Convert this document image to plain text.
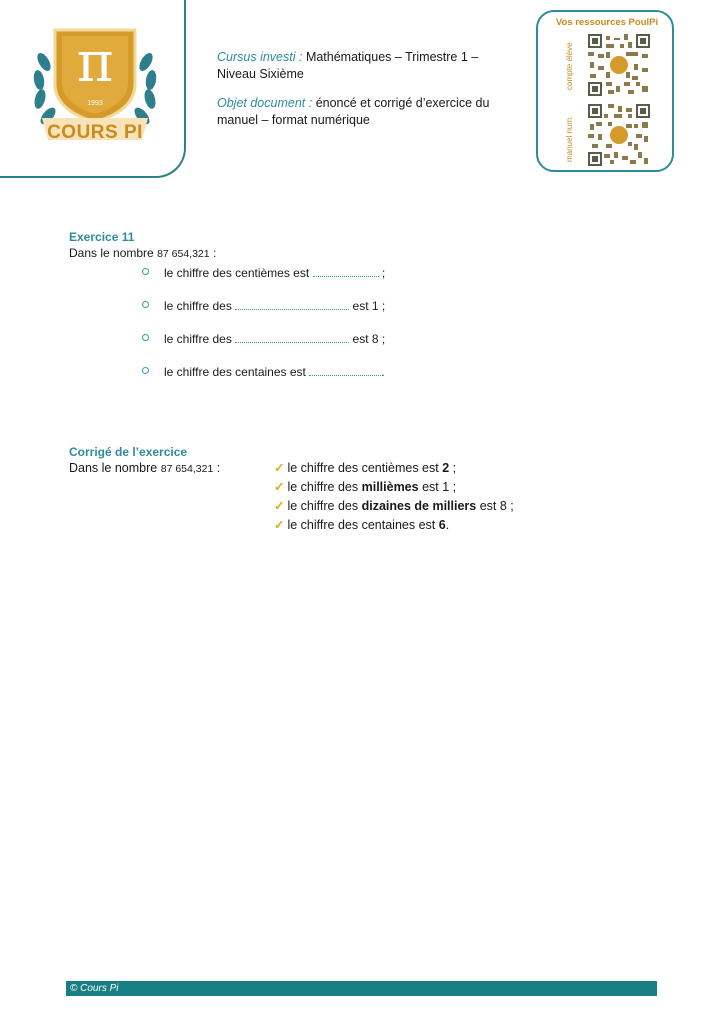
π
1993
COURS PI

Cursus investi : Mathématiques – Trimestre 1 – Niveau Sixième

Objet document : énoncé et corrigé d’exercice du manuel – format numérique

Vos ressources PoulPi
compte élève
manuel num.
Exercice 11
Dans le nombre 87 654,321 :
le chiffre des centièmes est	;
le chiffre des	est 1 ;
le chiffre des	est 8 ;
le chiffre des centaines est	.
Corrigé de l’exercice
Dans le nombre 87 654,321 :	✓ le chiffre des centièmes est 2 ;
✓ le chiffre des millièmes est 1 ;
✓ le chiffre des dizaines de milliers est 8 ;
✓ le chiffre des centaines est 6.
© Cours Pi
